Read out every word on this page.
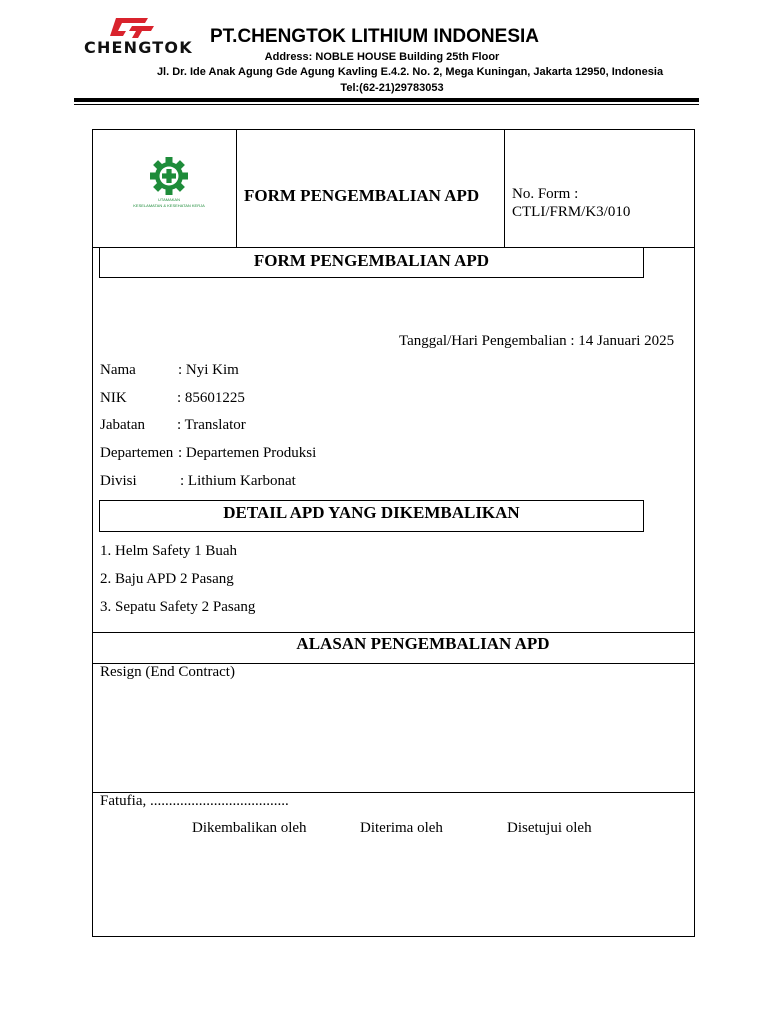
CHENGTOK
PT.CHENGTOK LITHIUM INDONESIA
Address: NOBLE HOUSE Building 25th Floor
Jl. Dr. Ide Anak Agung Gde Agung Kavling E.4.2. No. 2, Mega Kuningan, Jakarta 12950, Indonesia
Tel:(62-21)29783053
UTAMAKAN
KESELAMATAN & KESEHATAN KERJA
FORM PENGEMBALIAN APD No. Form :
CTLI/FRM/K3/010
FORM PENGEMBALIAN APD
Tanggal/Hari Pengembalian : 14 Januari 2025
Nama	: Nyi Kim
NIK	: 85601225
Jabatan : Translator
Departemen : Departemen Produksi
Divisi	: Lithium Karbonat
DETAIL APD YANG DIKEMBALIKAN
1. Helm Safety 1 Buah
2. Baju APD 2 Pasang
3. Sepatu Safety 2 Pasang
ALASAN PENGEMBALIAN APD
Resign (End Contract)
Fatufia, .....................................
Dikembalikan oleh	Diterima oleh	Disetujui oleh
